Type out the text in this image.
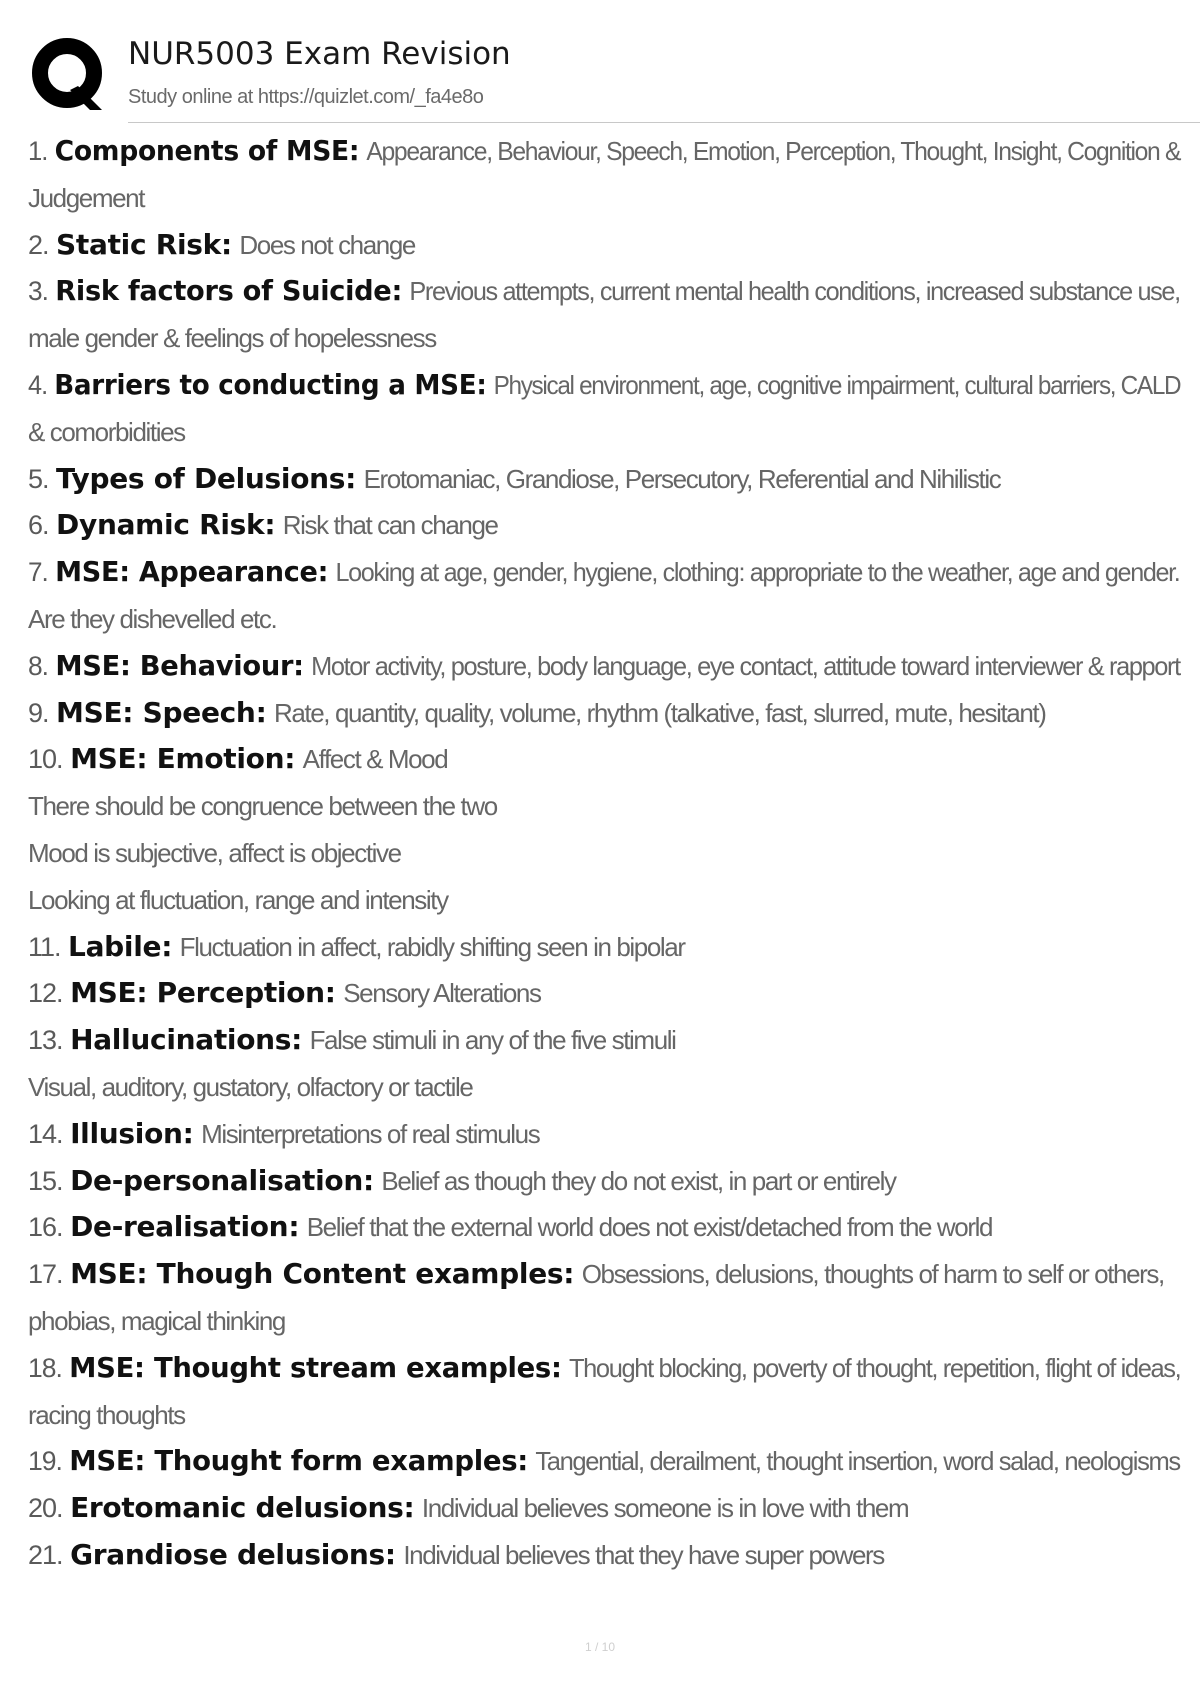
NUR5003 Exam Revision
Study online at https://quizlet.com/_fa4e8o
1. Components of MSE: Appearance, Behaviour, Speech, Emotion, Perception, Thought, Insight, Cognition &
Judgement
2. Static Risk: Does not change
3. Risk factors of Suicide: Previous attempts, current mental health conditions, increased substance use,
male gender & feelings of hopelessness
4. Barriers to conducting a MSE: Physical environment, age, cognitive impairment, cultural barriers, CALD
& comorbidities
5. Types of Delusions: Erotomaniac, Grandiose, Persecutory, Referential and Nihilistic
6. Dynamic Risk: Risk that can change
7. MSE: Appearance: Looking at age, gender, hygiene, clothing: appropriate to the weather, age and gender.
Are they dishevelled etc.
8. MSE: Behaviour: Motor activity, posture, body language, eye contact, attitude toward interviewer & rapport
9. MSE: Speech: Rate, quantity, quality, volume, rhythm (talkative, fast, slurred, mute, hesitant)
10. MSE: Emotion: Affect & Mood
There should be congruence between the two
Mood is subjective, affect is objective
Looking at fluctuation, range and intensity
11. Labile: Fluctuation in affect, rabidly shifting seen in bipolar
12. MSE: Perception: Sensory Alterations
13. Hallucinations: False stimuli in any of the five stimuli
Visual, auditory, gustatory, olfactory or tactile
14. Illusion: Misinterpretations of real stimulus
15. De-personalisation: Belief as though they do not exist, in part or entirely
16. De-realisation: Belief that the external world does not exist/detached from the world
17. MSE: Though Content examples: Obsessions, delusions, thoughts of harm to self or others,
phobias, magical thinking
18. MSE: Thought stream examples: Thought blocking, poverty of thought, repetition, flight of ideas,
racing thoughts
19. MSE: Thought form examples: Tangential, derailment, thought insertion, word salad, neologisms
20. Erotomanic delusions: Individual believes someone is in love with them
21. Grandiose delusions: Individual believes that they have super powers
1 / 10
